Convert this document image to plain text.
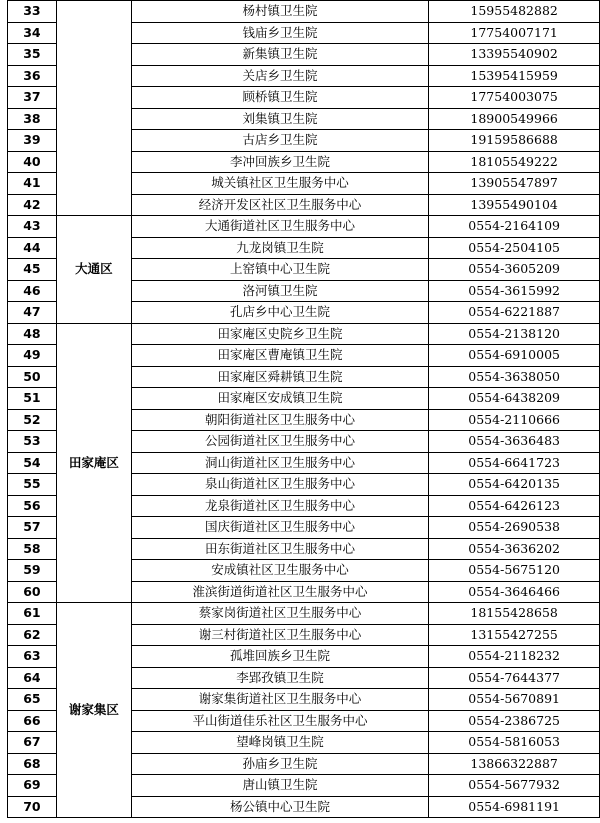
33		杨村镇卫生院	15955482882
34		钱庙乡卫生院	17754007171
35		新集镇卫生院	13395540902
36		关店乡卫生院	15395415959
37		顾桥镇卫生院	17754003075
38		刘集镇卫生院	18900549966
39		古店乡卫生院	19159586688
40		李冲回族乡卫生院	18105549222
41		城关镇社区卫生服务中心	13905547897
42		经济开发区社区卫生服务中心	13955490104
43	大通区	大通街道社区卫生服务中心	0554-2164109
44		九龙岗镇卫生院	0554-2504105
45		上窑镇中心卫生院	0554-3605209
46		洛河镇卫生院	0554-3615992
47		孔店乡中心卫生院	0554-6221887
48	田家庵区	田家庵区史院乡卫生院	0554-2138120
49		田家庵区曹庵镇卫生院	0554-6910005
50		田家庵区舜耕镇卫生院	0554-3638050
51		田家庵区安成镇卫生院	0554-6438209
52		朝阳街道社区卫生服务中心	0554-2110666
53		公园街道社区卫生服务中心	0554-3636483
54		洞山街道社区卫生服务中心	0554-6641723
55		泉山街道社区卫生服务中心	0554-6420135
56		龙泉街道社区卫生服务中心	0554-6426123
57		国庆街道社区卫生服务中心	0554-2690538
58		田东街道社区卫生服务中心	0554-3636202
59		安成镇社区卫生服务中心	0554-5675120
60		淮滨街道街道社区卫生服务中心	0554-3646466
61	谢家集区	蔡家岗街道社区卫生服务中心	18155428658
62		谢三村街道社区卫生服务中心	13155427255
63		孤堆回族乡卫生院	0554-2118232
64		李郢孜镇卫生院	0554-7644377
65		谢家集街道社区卫生服务中心	0554-5670891
66		平山街道佳乐社区卫生服务中心	0554-2386725
67		望峰岗镇卫生院	0554-5816053
68		孙庙乡卫生院	13866322887
69		唐山镇卫生院	0554-5677932
70		杨公镇中心卫生院	0554-6981191
